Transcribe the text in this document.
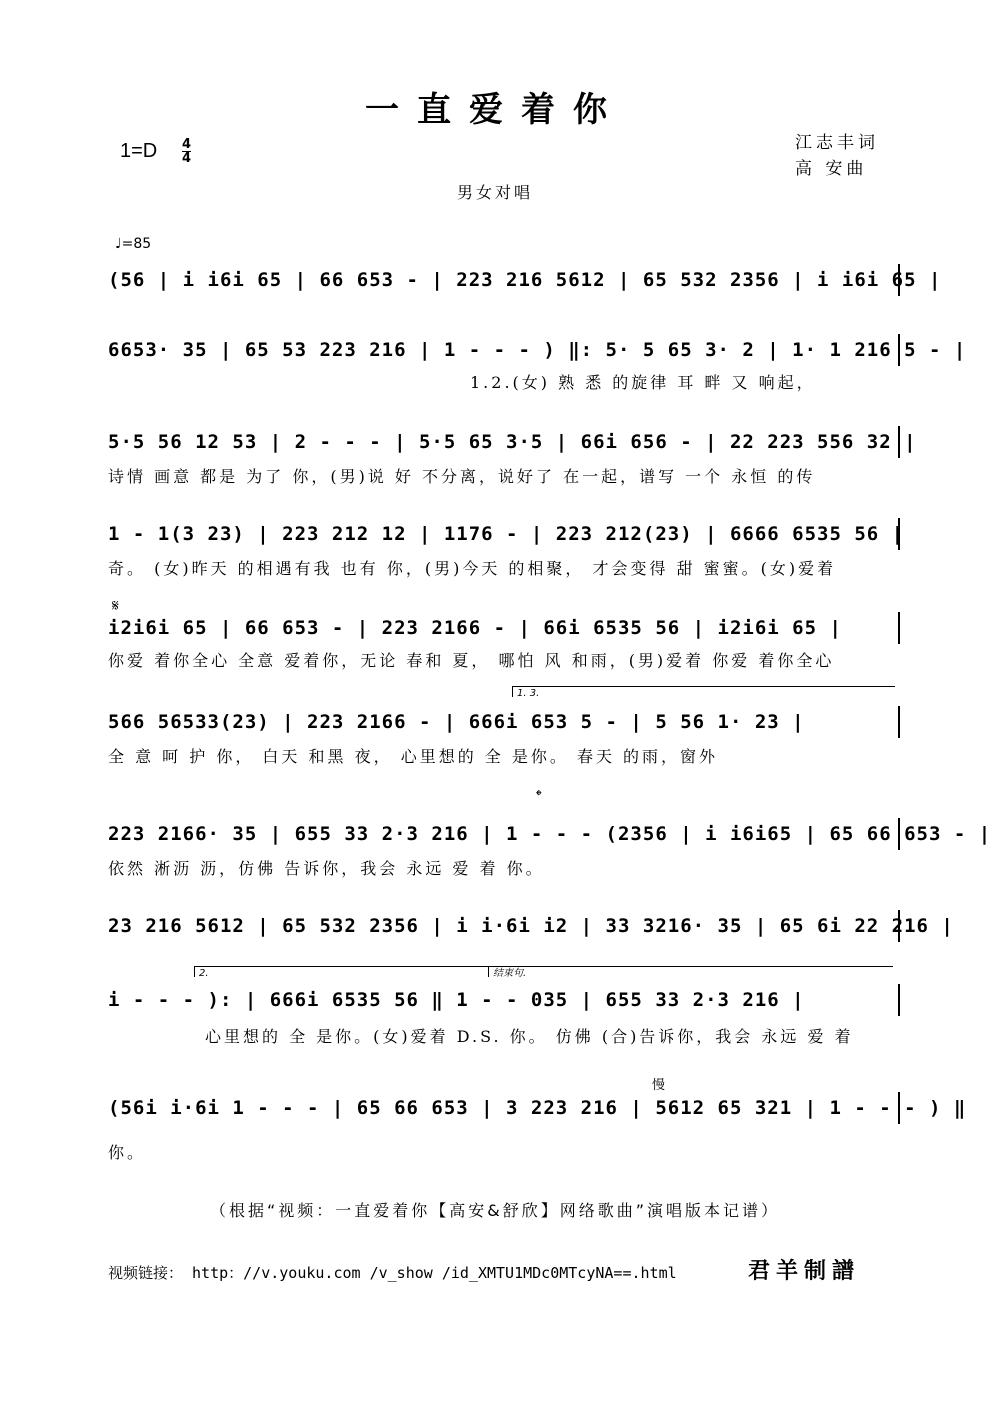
一直爱着你
1=D 4
4
江志丰词
高 安曲
男女对唱
♩=85
(56 | i i6i 65 | 66 653 - | 223 216 5612 | 65 532 2356 | i i6i 65 |
6653· 35 | 65 53 223 216 | 1 - - - ) ‖: 5· 5 65 3· 2 | 1· 1 216 5 - |
1.2.(女) 熟 悉 的旋律 耳 畔 又 响起，
5·5 56 12 53 | 2 - - - | 5·5 65 3·5 | 66i 656 - | 22 223 556 32 |
诗情 画意 都是 为了 你，(男)说 好 不分离，说好了 在一起，谱写 一个 永恒 的传
1 - 1(3 23) | 223 212 12 | 1176 - | 223 212(23) | 6666 6535 56 |
奇。 (女)昨天 的相遇有我 也有 你，(男)今天 的相聚， 才会变得 甜 蜜蜜。(女)爱着
𝄋
i2i6i 65 | 66 653 - | 223 2166 - | 66i 6535 56 | i2i6i 65 |
你爱 着你全心 全意 爱着你，无论 春和 夏， 哪怕 风 和雨，(男)爱着 你爱 着你全心
1. 3.
566 56533(23) | 223 2166 - | 666i 653 5 - | 5 56 1· 23 |
全 意 呵 护 你， 白天 和黑 夜， 心里想的 全 是你。 春天 的雨，窗外
𝄌
223 2166· 35 | 655 33 2·3 216 | 1 - - - (2356 | i i6i65 | 65 66 653 - |
依然 淅沥 沥，仿佛 告诉你，我会 永远 爱 着 你。
23 216 5612 | 65 532 2356 | i i·6i i2 | 33 3216· 35 | 65 6i 22 216 |
2.	结束句.
i - - - ): | 666i 6535 56 ‖ 1 - - 035 | 655 33 2·3 216 |
心里想的 全 是你。(女)爱着 D.S. 你。 仿佛 (合)告诉你，我会 永远 爱 着
慢
(56i i·6i 1 - - - | 65 66 653 | 3 223 216 | 5612 65 321 | 1 - - - ) ‖
你。
（根据“视频：一直爱着你【高安&舒欣】网络歌曲”演唱版本记谱）
视频链接： http：//v.youku.com /v_show /id_XMTU1MDc0MTcyNA==.html	君羊制譜
